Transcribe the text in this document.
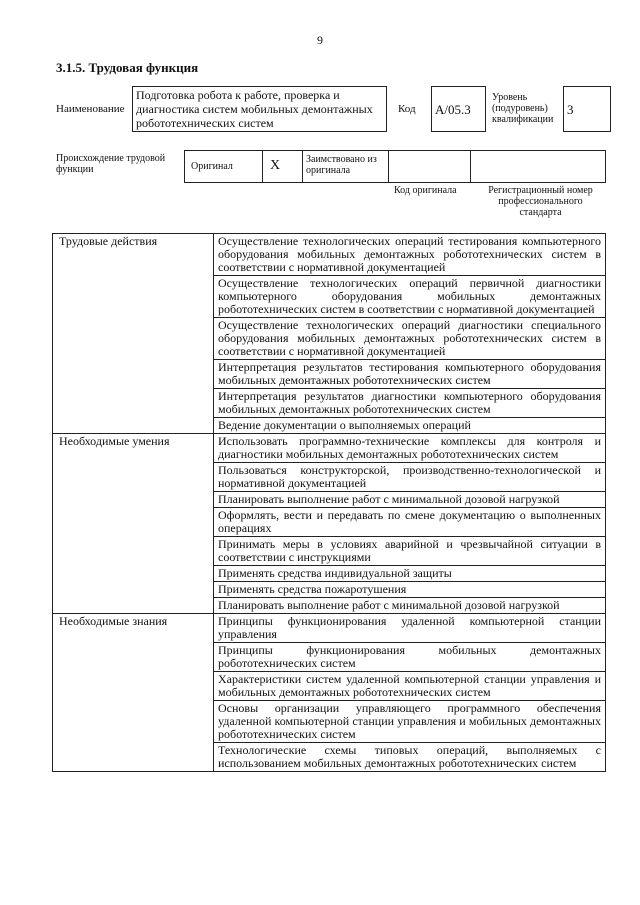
9
3.1.5. Трудовая функция
Наименование
Подготовка робота к работе, проверка и диагностика систем мобильных демонтажных робототехнических систем
Код	A/05.3
Уровень (подуровень) квалификации
3
Происхождение трудовой функции	Оригинал	X	Заимствовано из оригинала
Код оригинала	Регистрационный номер профессионального стандарта
Трудовые действия	Осуществление технологических операций тестирования компьютерного оборудования мобильных демонтажных робототехнических систем в соответствии с нормативной документацией
	Осуществление технологических операций первичной диагностики компьютерного оборудования мобильных демонтажных робототехнических систем в соответствии с нормативной документацией
	Осуществление технологических операций диагностики специального оборудования мобильных демонтажных робототехнических систем в соответствии с нормативной документацией
	Интерпретация результатов тестирования компьютерного оборудования мобильных демонтажных робототехнических систем
	Интерпретация результатов диагностики компьютерного оборудования мобильных демонтажных робототехнических систем
	Ведение документации о выполняемых операций
Необходимые умения	Использовать программно-технические комплексы для контроля и диагностики мобильных демонтажных робототехнических систем
	Пользоваться конструкторской, производственно-технологической и нормативной документацией
	Планировать выполнение работ с минимальной дозовой нагрузкой
	Оформлять, вести и передавать по смене документацию о выполненных операциях
	Принимать меры в условиях аварийной и чрезвычайной ситуации в соответствии с инструкциями
	Применять средства индивидуальной защиты
	Применять средства пожаротушения
	Планировать выполнение работ с минимальной дозовой нагрузкой
Необходимые знания	Принципы функционирования удаленной компьютерной станции управления
	Принципы функционирования мобильных демонтажных робототехнических систем
	Характеристики систем удаленной компьютерной станции управления и мобильных демонтажных робототехнических систем
	Основы организации управляющего программного обеспечения удаленной компьютерной станции управления и мобильных демонтажных робототехнических систем
	Технологические схемы типовых операций, выполняемых с использованием мобильных демонтажных робототехнических систем
